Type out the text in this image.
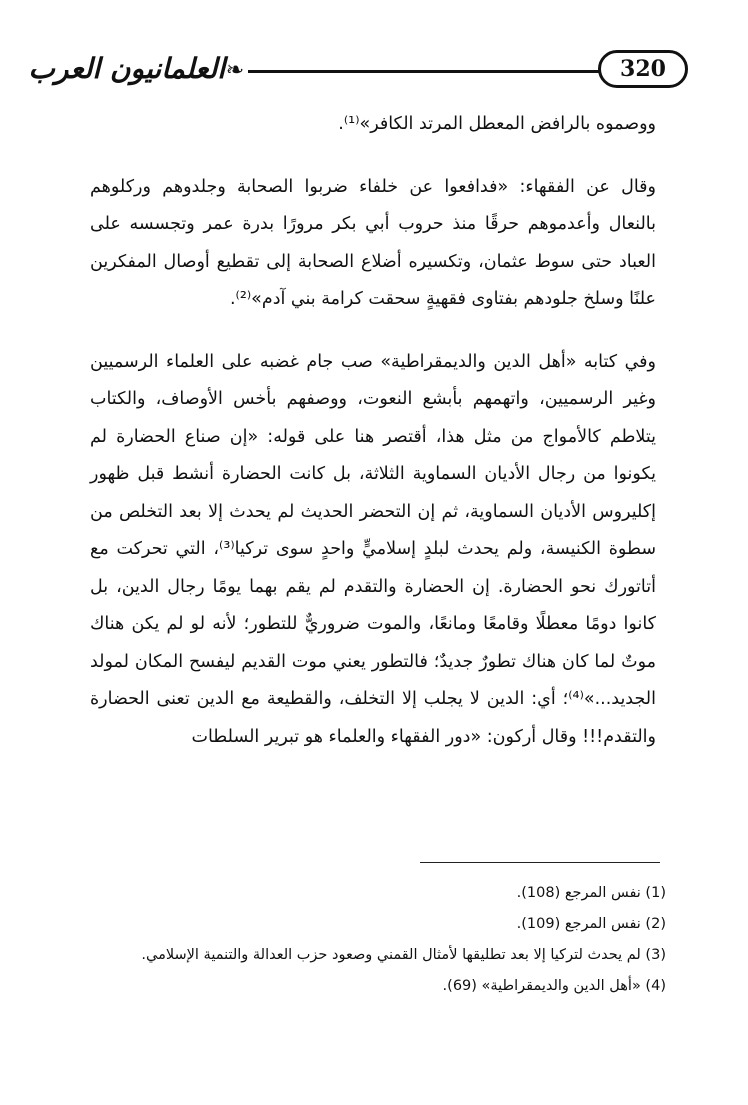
العلمانيون العرب ❧	320

ووصموه بالرافض المعطل المرتد الكافر»⁽¹⁾.

وقال عن الفقهاء: «فدافعوا عن خلفاء ضربوا الصحابة وجلدوهم وركلوهم بالنعال وأعدموهم حرقًا منذ حروب أبي بكر مرورًا بدرة عمر وتجسسه على العباد حتى سوط عثمان، وتكسيره أضلاع الصحابة إلى تقطيع أوصال المفكرين علنًا وسلخ جلودهم بفتاوى فقهيةٍ سحقت كرامة بني آدم»⁽²⁾.

وفي كتابه «أهل الدين والديمقراطية» صب جام غضبه على العلماء الرسميين وغير الرسميين، واتهمهم بأبشع النعوت، ووصفهم بأخس الأوصاف، والكتاب يتلاطم كالأمواج من مثل هذا، أقتصر هنا على قوله: «إن صناع الحضارة لم يكونوا من رجال الأديان السماوية الثلاثة، بل كانت الحضارة أنشط قبل ظهور إكليروس الأديان السماوية، ثم إن التحضر الحديث لم يحدث إلا بعد التخلص من سطوة الكنيسة، ولم يحدث لبلدٍ إسلاميٍّ واحدٍ سوى تركيا⁽³⁾، التي تحركت مع أتاتورك نحو الحضارة. إن الحضارة والتقدم لم يقم بهما يومًا رجال الدين، بل كانوا دومًا معطلًا وقامعًا ومانعًا، والموت ضروريٌّ للتطور؛ لأنه لو لم يكن هناك موتٌ لما كان هناك تطورٌ جديدٌ؛ فالتطور يعني موت القديم ليفسح المكان لمولد الجديد...»⁽⁴⁾؛ أي: الدين لا يجلب إلا التخلف، والقطيعة مع الدين تعنى الحضارة والتقدم!!! وقال أركون: «دور الفقهاء والعلماء هو تبرير السلطات

(1) نفس المرجع (108).
(2) نفس المرجع (109).
(3) لم يحدث لتركيا إلا بعد تطليقها لأمثال القمني وصعود حزب العدالة والتنمية الإسلامي.
(4) «أهل الدين والديمقراطية» (69).
